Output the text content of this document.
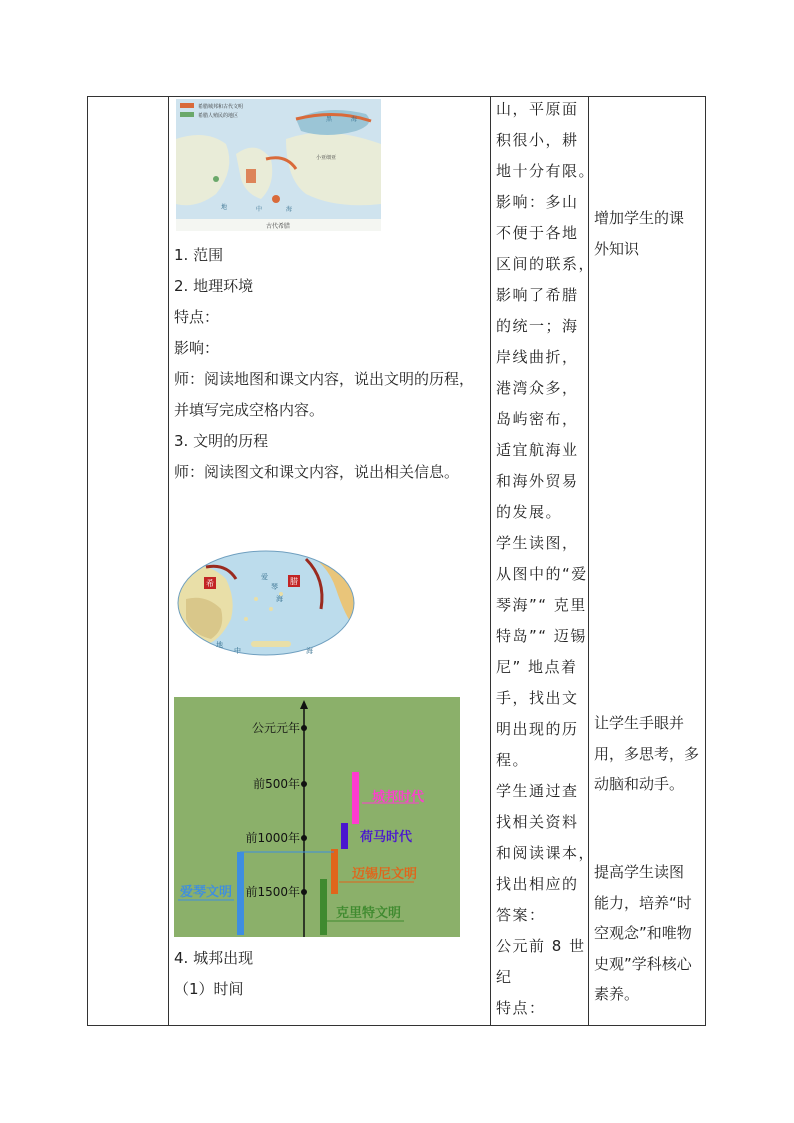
希腊城邦和古代文明
希腊人殖民的地区	黑	海
小亚细亚
地	中	海
古代希腊
1. 范围
2. 地理环境
特点：
影响：
师：阅读地图和课文内容，说出文明的历程，
并填写完成空格内容。
3. 文明的历程
师：阅读图文和课文内容，说出相关信息。
希	腊
爱
琴
海
地
中	海
公元元年
前500年
前1000年
前1500年
城邦时代
荷马时代
迈锡尼文明
克里特文明
爱琴文明
4. 城邦出现
（1）时间
山，平原面
积很小，耕
地十分有限。
影响：多山
不便于各地
区间的联系，
影响了希腊
的统一；海
岸线曲折，
港湾众多，
岛屿密布，
适宜航海业
和海外贸易
的发展。
学生读图，
从图中的“爱
琴海”“ 克里
特岛”“ 迈锡
尼” 地点着
手，找出文
明出现的历
程。
学生通过查
找相关资料
和阅读课本，
找出相应的
答案：
公元前 8 世
纪
特点：
增加学生的课
外知识
让学生手眼并
用，多思考，多
动脑和动手。
提高学生读图
能力，培养“时
空观念”和唯物
史观”学科核心
素养。
